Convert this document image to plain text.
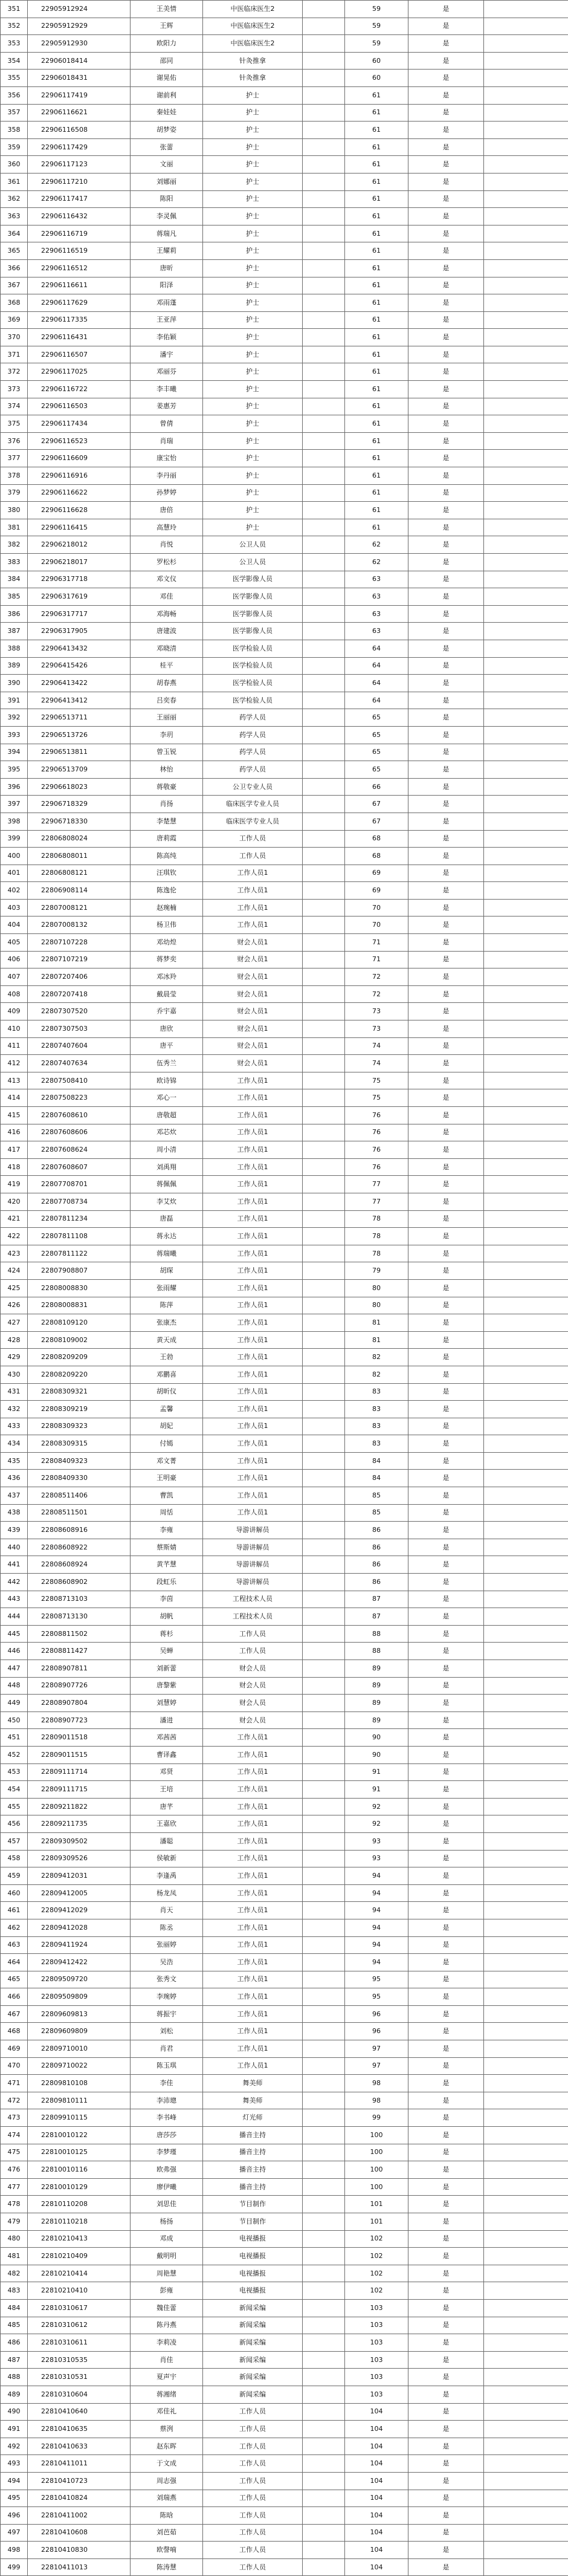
351	22905912924	王美情	中医临床医生2		59	是	
352	22905912929	王辉	中医临床医生2		59	是	
353	22905912930	欧阳力	中医临床医生2		59	是	
354	22906018414	邵同	针灸推拿		60	是	
355	22906018431	谢晃佑	针灸推拿		60	是	
356	22906117419	谢前利	护士		61	是	
357	22906116621	秦娃娃	护士		61	是	
358	22906116508	胡梦姿	护士		61	是	
359	22906117429	张蕾	护士		61	是	
360	22906117123	文丽	护士		61	是	
361	22906117210	刘娜丽	护士		61	是	
362	22906117417	陈阳	护士		61	是	
363	22906116432	李灵佩	护士		61	是	
364	22906116719	蒋瑞凡	护士		61	是	
365	22906116519	王耀莉	护士		61	是	
366	22906116512	唐昕	护士		61	是	
367	22906116611	阳泽	护士		61	是	
368	22906117629	邓雨蓬	护士		61	是	
369	22906117335	王亚萍	护士		61	是	
370	22906116431	李佑颖	护士		61	是	
371	22906116507	潘宇	护士		61	是	
372	22906117025	邓丽芬	护士		61	是	
373	22906116722	李丰曦	护士		61	是	
374	22906116503	姜惠芳	护士		61	是	
375	22906117434	曾倩	护士		61	是	
376	22906116523	肖瑞	护士		61	是	
377	22906116609	康宝怡	护士		61	是	
378	22906116916	李丹丽	护士		61	是	
379	22906116622	孙梦婷	护士		61	是	
380	22906116628	唐倍	护士		61	是	
381	22906116415	高慧玲	护士		61	是	
382	22906218012	肖悦	公卫人员		62	是	
383	22906218017	罗松杉	公卫人员		62	是	
384	22906317718	邓文仪	医学影像人员		63	是	
385	22906317619	邓佳	医学影像人员		63	是	
386	22906317717	邓海畅	医学影像人员		63	是	
387	22906317905	唐建波	医学影像人员		63	是	
388	22906413432	邓晓清	医学检验人员		64	是	
389	22906415426	桂平	医学检验人员		64	是	
390	22906413422	胡春燕	医学检验人员		64	是	
391	22906413412	吕奕春	医学检验人员		64	是	
392	22906513711	王丽丽	药学人员		65	是	
393	22906513726	李玥	药学人员		65	是	
394	22906513811	曾玉锐	药学人员		65	是	
395	22906513709	林怡	药学人员		65	是	
396	22906618023	蒋敬豪	公卫专业人员		66	是	
397	22906718329	肖扬	临床医学专业人员		67	是	
398	22906718330	李楚慧	临床医学专业人员		67	是	
399	22806808024	唐莉霞	工作人员		68	是	
400	22806808011	陈高纯	工作人员		68	是	
401	22806808121	汪琪钦	工作人员1		69	是	
402	22806908114	陈逸伦	工作人员1		69	是	
403	22807008121	赵琬楠	工作人员1		70	是	
404	22807008132	杨卫伟	工作人员1		70	是	
405	22807107228	邓幼煌	财会人员1		71	是	
406	22807107219	蒋梦奕	财会人员1		71	是	
407	22807207406	邓冰羚	财会人员1		72	是	
408	22807207418	戴晨莹	财会人员1		72	是	
409	22807307520	乔宇嘉	财会人员1		73	是	
410	22807307503	唐欣	财会人员1		73	是	
411	22807407604	唐平	财会人员1		74	是	
412	22807407634	伍秀兰	财会人员1		74	是	
413	22807508410	欧诗锦	工作人员1		75	是	
414	22807508223	邓心一	工作人员1		75	是	
415	22807608610	唐敬超	工作人员1		76	是	
416	22807608606	邓芯炊	工作人员1		76	是	
417	22807608624	周小清	工作人员1		76	是	
418	22807608607	刘禹翔	工作人员1		76	是	
419	22807708701	蒋佩佩	工作人员1		77	是	
420	22807708734	李艾炊	工作人员1		77	是	
421	22807811234	唐磊	工作人员1		78	是	
422	22807811108	蒋永达	工作人员1		78	是	
423	22807811122	蒋瑞曦	工作人员1		78	是	
424	22807908807	胡琛	工作人员1		79	是	
425	22808008830	张雨耀	工作人员1		80	是	
426	22808008831	陈萍	工作人员1		80	是	
427	22808109120	张康杰	工作人员1		81	是	
428	22808109002	黄天成	工作人员1		81	是	
429	22808209209	王勃	工作人员1		82	是	
430	22808209220	邓鹏喜	工作人员1		82	是	
431	22808309321	胡昕仪	工作人员1		83	是	
432	22808309219	孟馨	工作人员1		83	是	
433	22808309323	胡妃	工作人员1		83	是	
434	22808309315	付嫣	工作人员1		83	是	
435	22808409323	邓文菁	工作人员1		84	是	
436	22808409330	王明豪	工作人员1		84	是	
437	22808511406	曹凯	工作人员1		85	是	
438	22808511501	周恬	工作人员1		85	是	
439	22808608916	李雍	导游讲解员		86	是	
440	22808608922	蔡斯婧	导游讲解员		86	是	
441	22808608924	黄芊慧	导游讲解员		86	是	
442	22808608902	段虹乐	导游讲解员		86	是	
443	22808713103	李茵	工程技术人员		87	是	
444	22808713130	胡帆	工程技术人员		87	是	
445	22808811502	蒋杉	工作人员		88	是	
446	22808811427	吴蝉	工作人员		88	是	
447	22808907811	刘新蕾	财会人员		89	是	
448	22808907726	唐黎紫	财会人员		89	是	
449	22808907804	刘慧婷	财会人员		89	是	
450	22808907723	潘进	财会人员		89	是	
451	22809011518	邓茜茜	工作人员1		90	是	
452	22809011515	曹译鑫	工作人员1		90	是	
453	22809111714	邓贤	工作人员1		91	是	
454	22809111715	王培	工作人员1		91	是	
455	22809211822	唐芊	工作人员1		92	是	
456	22809211735	王嘉欣	工作人员1		92	是	
457	22809309502	潘聪	工作人员1		93	是	
458	22809309526	侯敏新	工作人员1		93	是	
459	22809412031	李逢禹	工作人员1		94	是	
460	22809412005	杨龙凤	工作人员1		94	是	
461	22809412029	肖天	工作人员1		94	是	
462	22809412028	陈丞	工作人员1		94	是	
463	22809411924	张丽婷	工作人员1		94	是	
464	22809412422	吴浩	工作人员1		94	是	
465	22809509720	张秀文	工作人员1		95	是	
466	22809509809	李琬婷	工作人员1		95	是	
467	22809609813	蒋振宇	工作人员1		96	是	
468	22809609809	刘松	工作人员1		96	是	
469	22809710010	肖君	工作人员1		97	是	
470	22809710022	陈玉琪	工作人员1		97	是	
471	22809810108	李佳	舞美师		98	是	
472	22809810111	李沛璁	舞美师		98	是	
473	22809910115	李书峰	灯光师		99	是	
474	22810010122	唐莎莎	播音主持		100	是	
475	22810010125	李梦瑾	播音主持		100	是	
476	22810010116	欧弗强	播音主持		100	是	
477	22810010129	廖伊曦	播音主持		100	是	
478	22810110208	刘思佳	节目制作		101	是	
479	22810110218	杨扬	节目制作		101	是	
480	22810210413	邓成	电视播报		102	是	
481	22810210409	戴明明	电视播报		102	是	
482	22810210414	周艳慧	电视播报		102	是	
483	22810210410	彭雍	电视播报		102	是	
484	22810310617	魏佳蕾	新闻采编		103	是	
485	22810310612	陈丹燕	新闻采编		103	是	
486	22810310611	李莉凌	新闻采编		103	是	
487	22810310535	肖佳	新闻采编		103	是	
488	22810310531	夏声宇	新闻采编		103	是	
489	22810310604	蒋湘绪	新闻采编		103	是	
490	22810410640	邓佳礼	工作人员		104	是	
491	22810410635	蔡洌	工作人员		104	是	
492	22810410633	赵东晖	工作人员		104	是	
493	22810411011	于文成	工作人员		104	是	
494	22810410723	周志强	工作人员		104	是	
495	22810410824	刘瑞燕	工作人员		104	是	
496	22810411002	陈晗	工作人员		104	是	
497	22810410608	刘芭茹	工作人员		104	是	
498	22810410830	欧謦喃	工作人员		104	是	
499	22810411013	陈涛慧	工作人员		104	是	
